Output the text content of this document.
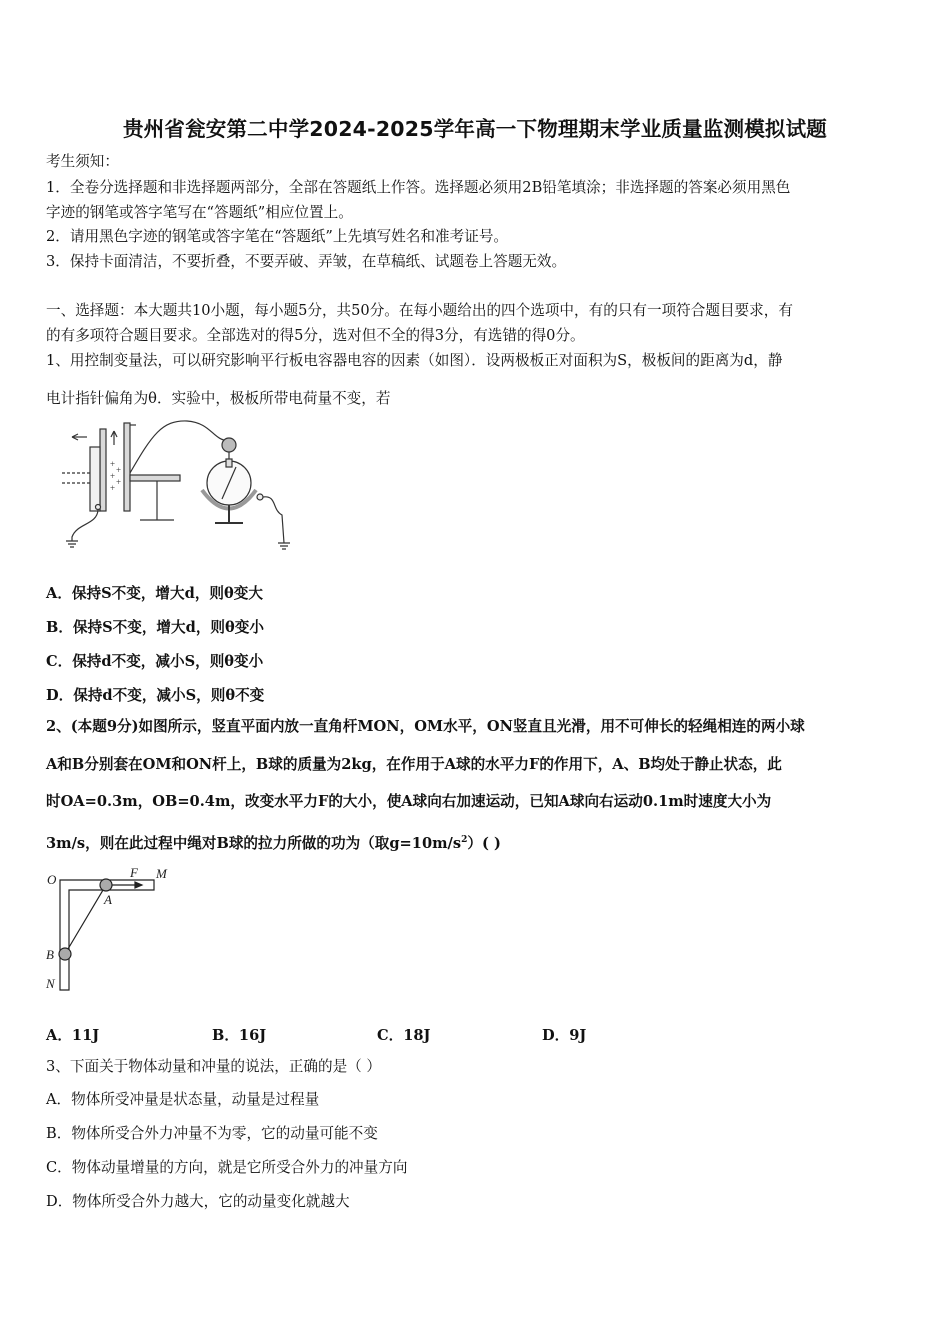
贵州省瓮安第二中学2024-2025学年高一下物理期末学业质量监测模拟试题
考生须知：
1．全卷分选择题和非选择题两部分，全部在答题纸上作答。选择题必须用2B铅笔填涂；非选择题的答案必须用黑色
字迹的钢笔或答字笔写在“答题纸”相应位置上。
2．请用黑色字迹的钢笔或答字笔在“答题纸”上先填写姓名和准考证号。
3．保持卡面清洁，不要折叠，不要弄破、弄皱，在草稿纸、试题卷上答题无效。
一、选择题：本大题共10小题，每小题5分，共50分。在每小题给出的四个选项中，有的只有一项符合题目要求，有
的有多项符合题目要求。全部选对的得5分，选对但不全的得3分，有选错的得0分。
1、用控制变量法，可以研究影响平行板电容器电容的因素（如图）．设两极板正对面积为S，极板间的距离为d，静
电计指针偏角为θ．实验中，极板所带电荷量不变，若
+
+
+
+
+
A．保持S不变，增大d，则θ变大
B．保持S不变，增大d，则θ变小
C．保持d不变，减小S，则θ变小
D．保持d不变，减小S，则θ不变
2、(本题9分)如图所示，竖直平面内放一直角杆MON，OM水平，ON竖直且光滑，用不可伸长的轻绳相连的两小球
A和B分别套在OM和ON杆上，B球的质量为2kg，在作用于A球的水平力F的作用下，A、B均处于静止状态，此
时OA=0.3m，OB=0.4m，改变水平力F的大小，使A球向右加速运动，已知A球向右运动0.1m时速度大小为
3m/s，则在此过程中绳对B球的拉力所做的功为（取$g=10m/s^2$）( )
O	F M
A
B
N
A．11J	B．16J	C．18J	D．9J
3、下面关于物体动量和冲量的说法，正确的是（ ）
A．物体所受冲量是状态量，动量是过程量
B．物体所受合外力冲量不为零，它的动量可能不变
C．物体动量增量的方向，就是它所受合外力的冲量方向
D．物体所受合外力越大，它的动量变化就越大
